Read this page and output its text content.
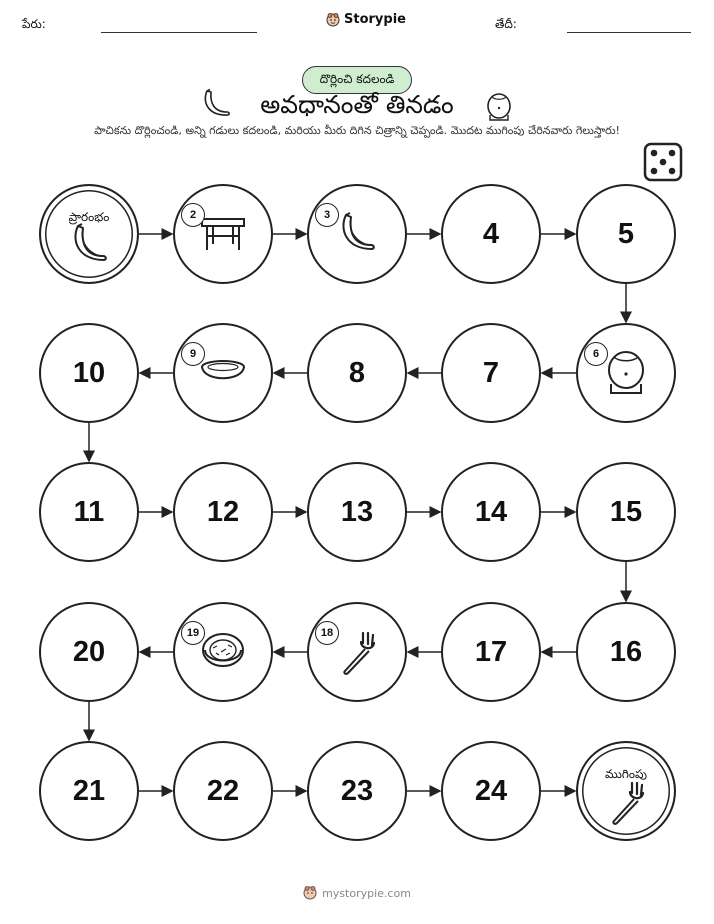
పేరు:	Storypie	తేదీ:
దొర్లించి కదలండి
అవధానంతో తినడం
పాచికను దొర్లించండి, అన్ని గడులు కదలండి, మరియు మీరు దిగిన చిత్రాన్ని చెప్పండి. మొదట ముగింపు చేరినవారు గెలుస్తారు!
ప్రారంభం	2	3
4	5
6
7
8
9
10
11	12	13	14	15
16
17
18
19
20
21	22	23	24
ముగింపు
mystorypie.com
